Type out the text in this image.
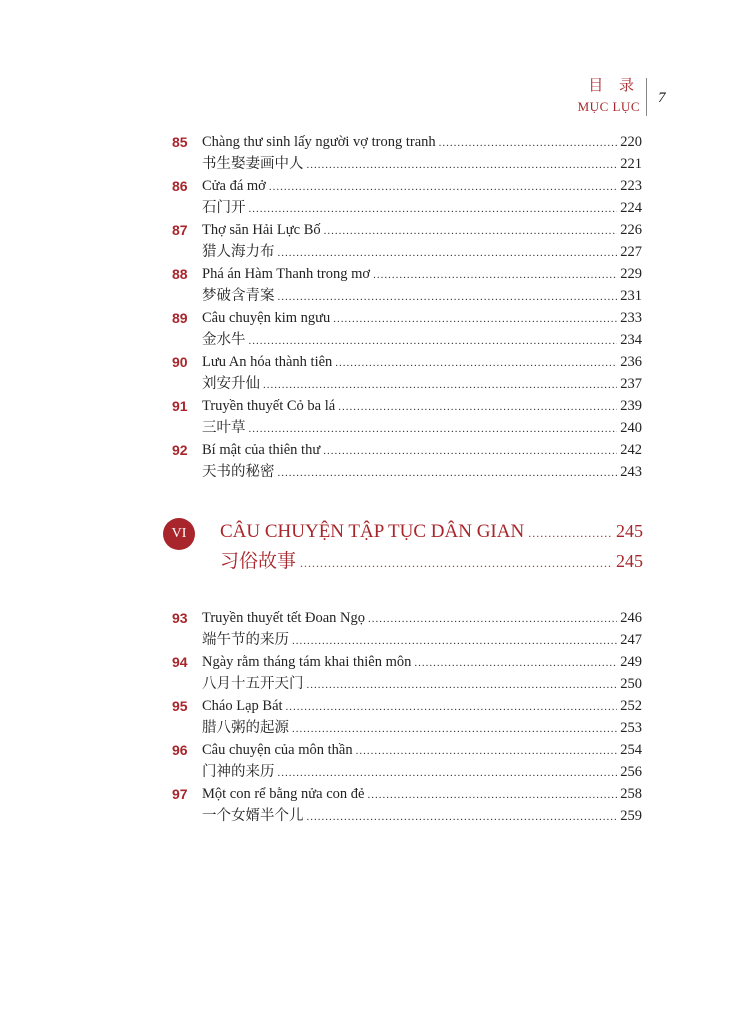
目 录
MỤC LỤC
7
85 Chàng thư sinh lấy người vợ trong tranh .....	220
书生娶妻画中人 .....	221
86 Cửa đá mở .....	223
石门开 .....	224
87 Thợ săn Hải Lực Bố .....	226
猎人海力布 .....	227
88 Phá án Hàm Thanh trong mơ .....	229
梦破含青案 .....	231
89 Câu chuyện kim ngưu .....	233
金水牛 .....	234
90 Lưu An hóa thành tiên .....	236
刘安升仙 .....	237
91 Truyền thuyết Cỏ ba lá .....	239
三叶草 .....	240
92 Bí mật của thiên thư .....	242
天书的秘密 .....	243
VI	CÂU CHUYỆN TẬP TỤC DÂN GIAN .....	245
习俗故事 .....	245
93 Truyền thuyết tết Đoan Ngọ .....	246
端午节的来历 .....	247
94 Ngày rằm tháng tám khai thiên môn .....	249
八月十五开天门 .....	250
95 Cháo Lạp Bát .....	252
腊八粥的起源 .....	253
96 Câu chuyện của môn thần .....	254
门神的来历 .....	256
97 Một con rể bằng nửa con đẻ .....	258
一个女婿半个儿 .....	259
